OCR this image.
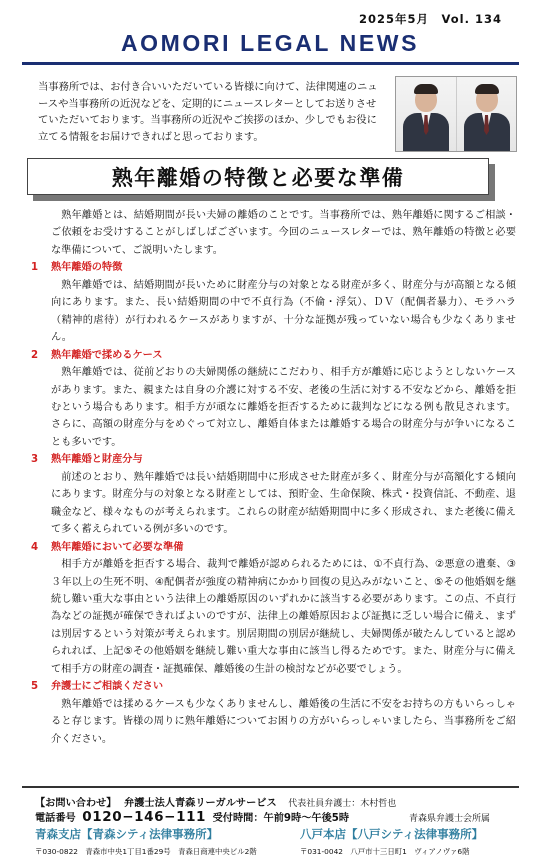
2025年5月　Vol. 134
AOMORI LEGAL NEWS

当事務所では、お付き合いいただいている皆様に向けて、法律関連のニュースや当事務所の近況などを、定期的にニュースレターとしてお送りさせていただいております。当事務所の近況やご挨拶のほか、少しでもお役に立てる情報をお届けできればと思っております。

熟年離婚の特徴と必要な準備

熟年離婚とは、結婚期間が長い夫婦の離婚のことです。当事務所では、熟年離婚に関するご相談・ご依頼をお受けすることがしばしばございます。今回のニュースレターでは、熟年離婚の特徴と必要な準備について、ご説明いたします。

1 熟年離婚の特徴

熟年離婚では、結婚期間が長いために財産分与の対象となる財産が多く、財産分与が高額となる傾向にあります。また、長い結婚期間の中で不貞行為（不倫・浮気）、ＤＶ（配偶者暴力）、モラハラ（精神的虐待）が行われるケースがありますが、十分な証拠が残っていない場合も少なくありません。

2 熟年離婚で揉めるケース

熟年離婚では、従前どおりの夫婦関係の継続にこだわり、相手方が離婚に応じようとしないケースがあります。また、親または自身の介護に対する不安、老後の生活に対する不安などから、離婚を拒むという場合もあります。相手方が頑なに離婚を拒否するために裁判などになる例も散見されます。さらに、高額の財産分与をめぐって対立し、離婚自体または離婚する場合の財産分与が争いになることも多いです。

3 熟年離婚と財産分与

前述のとおり、熟年離婚では長い結婚期間中に形成させた財産が多く、財産分与が高額化する傾向にあります。財産分与の対象となる財産としては、預貯金、生命保険、株式・投資信託、不動産、退職金など、様々なものが考えられます。これらの財産が結婚期間中に多く形成され、また老後に備えて多く蓄えられている例が多いのです。

4 熟年離婚において必要な準備

相手方が離婚を拒否する場合、裁判で離婚が認められるためには、①不貞行為、②悪意の遺棄、③３年以上の生死不明、④配偶者が強度の精神病にかかり回復の見込みがないこと、⑤その他婚姻を継続し難い重大な事由という法律上の離婚原因のいずれかに該当する必要があります。この点、不貞行為などの証拠が確保できればよいのですが、法律上の離婚原因および証拠に乏しい場合に備え、まずは別居するという対策が考えられます。別居期間の別居が継続し、夫婦関係が破たんしていると認められれば、上記⑤その他婚姻を継続し難い重大な事由に該当し得るためです。また、財産分与に備えて相手方の財産の調査・証拠確保、離婚後の生計の検討などが必要でしょう。

5 弁護士にご相談ください

熟年離婚では揉めるケースも少なくありませんし、離婚後の生活に不安をお持ちの方もいらっしゃると存じます。皆様の周りに熟年離婚についてお困りの方がいらっしゃいましたら、当事務所をご紹介ください。

【お問い合わせ】 弁護士法人青森リーガルサービス 代表社員弁護士：木村哲也
電話番号 0120−146−111 受付時間：午前9時～午後5時	青森県弁護士会所属
青森支店【青森シティ法律事務所】	八戸本店【八戸シティ法律事務所】
〒030-0822　青森市中央1丁目1番29号　青森日商連中央ビル2階	〒031-0042　八戸市十三日町1　ヴィアノヴァ6階
